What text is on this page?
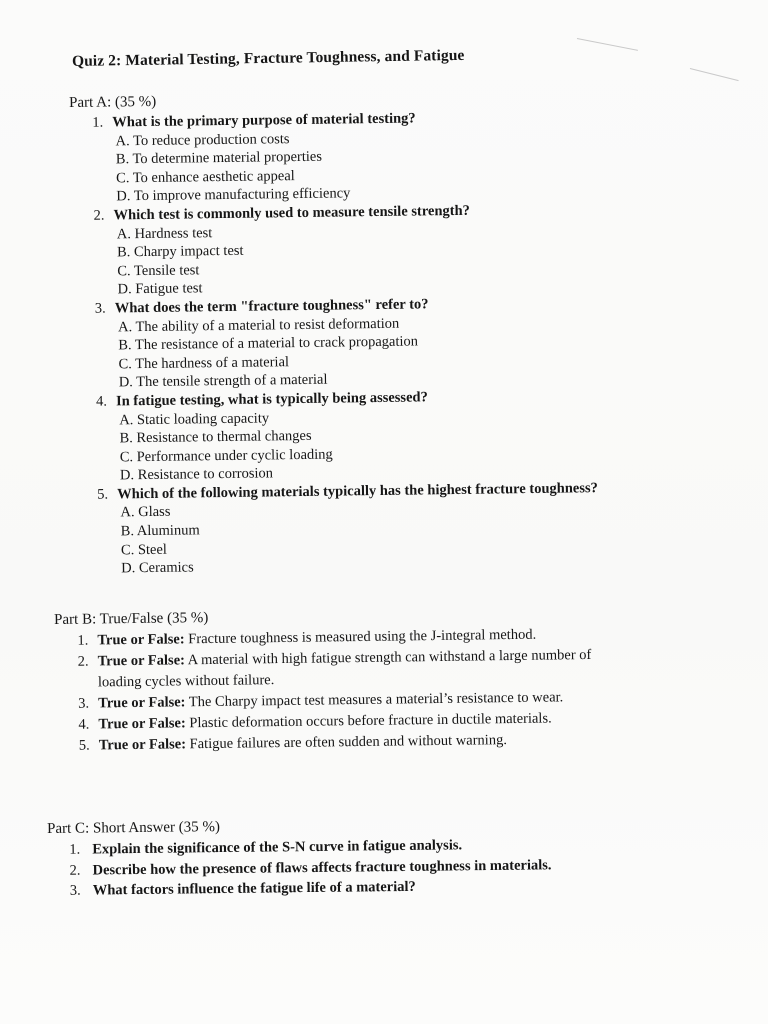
Quiz 2: Material Testing, Fracture Toughness, and Fatigue
Part A: (35 %)
1. What is the primary purpose of material testing?
A. To reduce production costs
B. To determine material properties
C. To enhance aesthetic appeal
D. To improve manufacturing efficiency
2. Which test is commonly used to measure tensile strength?
A. Hardness test
B. Charpy impact test
C. Tensile test
D. Fatigue test
3. What does the term "fracture toughness" refer to?
A. The ability of a material to resist deformation
B. The resistance of a material to crack propagation
C. The hardness of a material
D. The tensile strength of a material
4. In fatigue testing, what is typically being assessed?
A. Static loading capacity
B. Resistance to thermal changes
C. Performance under cyclic loading
D. Resistance to corrosion
5. Which of the following materials typically has the highest fracture toughness?
A. Glass
B. Aluminum
C. Steel
D. Ceramics
Part B: True/False (35 %)
1. True or False: Fracture toughness is measured using the J-integral method.
2. True or False: A material with high fatigue strength can withstand a large number of loading cycles without failure.
3. True or False: The Charpy impact test measures a material’s resistance to wear.
4. True or False: Plastic deformation occurs before fracture in ductile materials.
5. True or False: Fatigue failures are often sudden and without warning.
Part C: Short Answer (35 %)
1. Explain the significance of the S-N curve in fatigue analysis.
2. Describe how the presence of flaws affects fracture toughness in materials.
3. What factors influence the fatigue life of a material?
